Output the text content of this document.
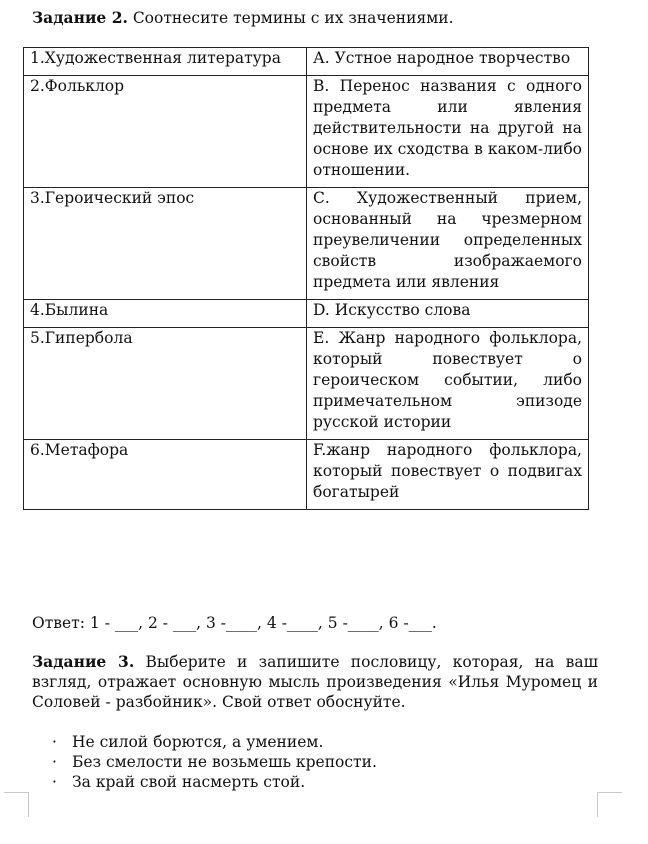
Задание 2. Соотнесите термины с их значениями.
1.Художественная литература	А. Устное народное творчество
2.Фольклор	B. Перенос названия с одного предмета или явления действительности на другой на основе их сходства в каком-либо отношении.
3.Героический эпос	С. Художественный прием, основанный на чрезмерном преувеличении определенных свойств изображаемого предмета или явления
4.Былина	D. Искусство слова
5.Гипербола	E. Жанр народного фольклора, который повествует о героическом событии, либо примечательном эпизоде русской истории
6.Метафора	F.жанр народного фольклора, который повествует о подвигах богатырей
Ответ: 1 - ___, 2 - ___, 3 -____, 4 -____, 5 -____, 6 -___.
Задание 3. Выберите и запишите пословицу, которая, на ваш взгляд, отражает основную мысль произведения «Илья Муромец и Соловей - разбойник». Свой ответ обоснуйте.
· Не силой борются, а умением.
· Без смелости не возьмешь крепости.
· За край свой насмерть стой.
